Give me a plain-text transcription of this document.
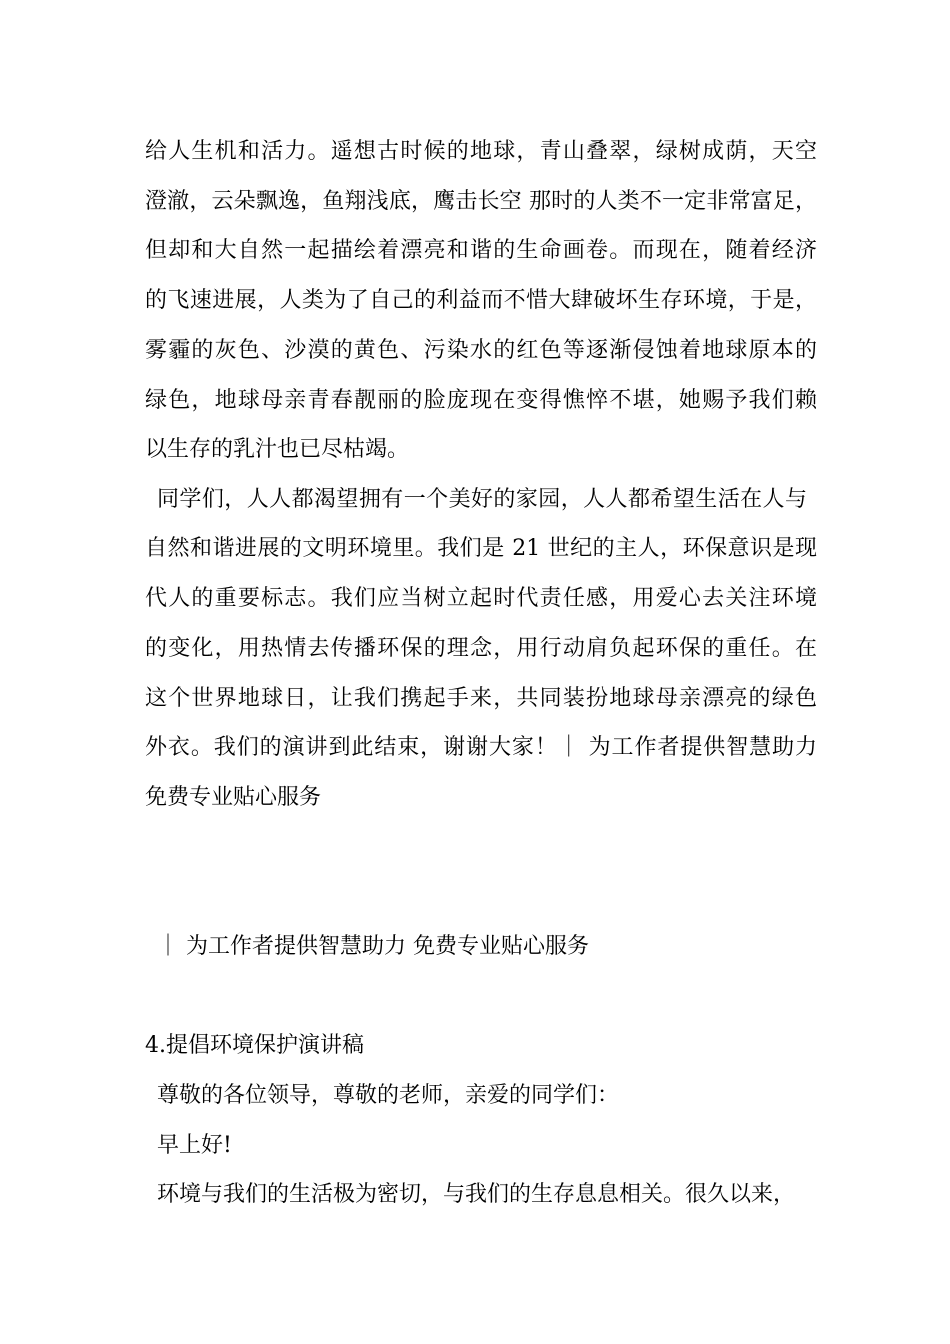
给人生机和活力。遥想古时候的地球，青山叠翠，绿树成荫，天空
澄澈，云朵飘逸，鱼翔浅底，鹰击长空 那时的人类不一定非常富足，
但却和大自然一起描绘着漂亮和谐的生命画卷。而现在，随着经济
的飞速进展，人类为了自己的利益而不惜大肆破坏生存环境，于是，
雾霾的灰色、沙漠的黄色、污染水的红色等逐渐侵蚀着地球原本的
绿色，地球母亲青春靓丽的脸庞现在变得憔悴不堪，她赐予我们赖
以生存的乳汁也已尽枯竭。
同学们，人人都渴望拥有一个美好的家园，人人都希望生活在人与
自然和谐进展的文明环境里。我们是 21 世纪的主人，环保意识是现
代人的重要标志。我们应当树立起时代责任感，用爱心去关注环境
的变化，用热情去传播环保的理念，用行动肩负起环保的重任。在
这个世界地球日，让我们携起手来，共同装扮地球母亲漂亮的绿色
外衣。我们的演讲到此结束，谢谢大家！｜ 为工作者提供智慧助力
免费专业贴心服务
｜ 为工作者提供智慧助力 免费专业贴心服务
4.提倡环境保护演讲稿
尊敬的各位领导，尊敬的老师，亲爱的同学们：
早上好!
环境与我们的生活极为密切，与我们的生存息息相关。很久以来，
